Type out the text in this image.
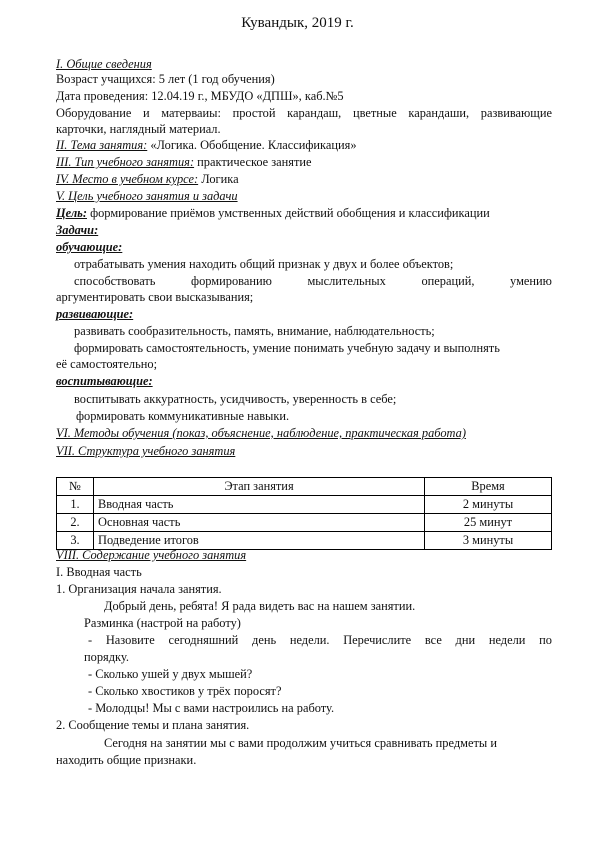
Кувандык, 2019 г.
I. Общие сведения
Возраст учащихся: 5 лет (1 год обучения)
Дата проведения: 12.04.19 г., МБУДО «ДПШ», каб.№5
Оборудование и матерваиы: простой карандаш, цветные карандаши, развивающие
карточки, наглядный материал.
II. Тема занятия: «Логика. Обобщение. Классификация»
III. Тип учебного занятия: практическое занятие
IV. Место в учебном курсе: Логика
V. Цель учебного занятия и задачи
Цель: формирование приёмов умственных действий обобщения и классификации
Задачи:
обучающие:
отрабатывать умения находить общий признак у двух и более объектов;
способствовать	формированию	мыслительных	операций,	умению
аргументировать свои высказывания;
развивающие:
развивать сообразительность, память, внимание, наблюдательность;
формировать самостоятельность, умение понимать учебную задачу и выполнять
её самостоятельно;
воспитывающие:
воспитывать аккуратность, усидчивость, уверенность в себе;
формировать коммуникативные навыки.
VI. Методы обучения (показ, объяснение, наблюдение, практическая работа)
VII. Структура учебного занятия
№	Этап занятия	Время
1.	Вводная часть	2 минуты
2.	Основная часть	25 минут
3.	Подведение итогов	3 минуты
VIII. Содержание учебного занятия
I. Вводная часть
1. Организация начала занятия.
Добрый день, ребята! Я рада видеть вас на нашем занятии.
Разминка (настрой на работу)
- Назовите сегодняшний день недели. Перечислите все дни недели по
порядку.
- Сколько ушей у двух мышей?
- Сколько хвостиков у трёх поросят?
- Молодцы! Мы с вами настроились на работу.
2. Сообщение темы и плана занятия.
Сегодня на занятии мы с вами продолжим учиться сравнивать предметы и
находить общие признаки.
